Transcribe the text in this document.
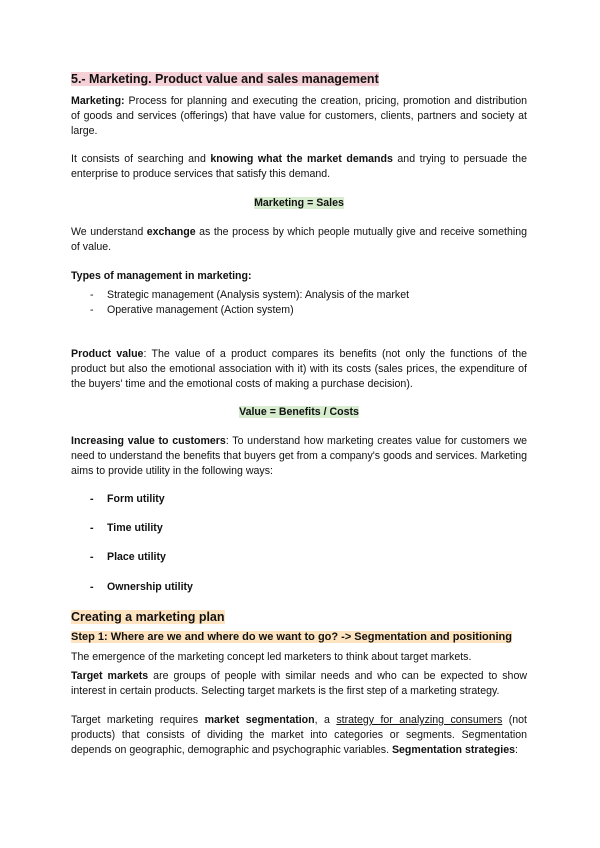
5.- Marketing. Product value and sales management
Marketing: Process for planning and executing the creation, pricing, promotion and distribution of goods and services (offerings) that have value for customers, clients, partners and society at large.
It consists of searching and knowing what the market demands and trying to persuade the enterprise to produce services that satisfy this demand.
Marketing = Sales
We understand exchange as the process by which people mutually give and receive something of value.
Types of management in marketing:
- Strategic management (Analysis system): Analysis of the market
- Operative management (Action system)
Product value: The value of a product compares its benefits (not only the functions of the product but also the emotional association with it) with its costs (sales prices, the expenditure of the buyers' time and the emotional costs of making a purchase decision).
Value = Benefits / Costs
Increasing value to customers: To understand how marketing creates value for customers we need to understand the benefits that buyers get from a company's goods and services. Marketing aims to provide utility in the following ways:
- Form utility
- Time utility
- Place utility
- Ownership utility
Creating a marketing plan
Step 1: Where are we and where do we want to go? -> Segmentation and positioning
The emergence of the marketing concept led marketers to think about target markets.
Target markets are groups of people with similar needs and who can be expected to show interest in certain products. Selecting target markets is the first step of a marketing strategy.
Target marketing requires market segmentation, a strategy for analyzing consumers (not products) that consists of dividing the market into categories or segments. Segmentation depends on geographic, demographic and psychographic variables. Segmentation strategies:
